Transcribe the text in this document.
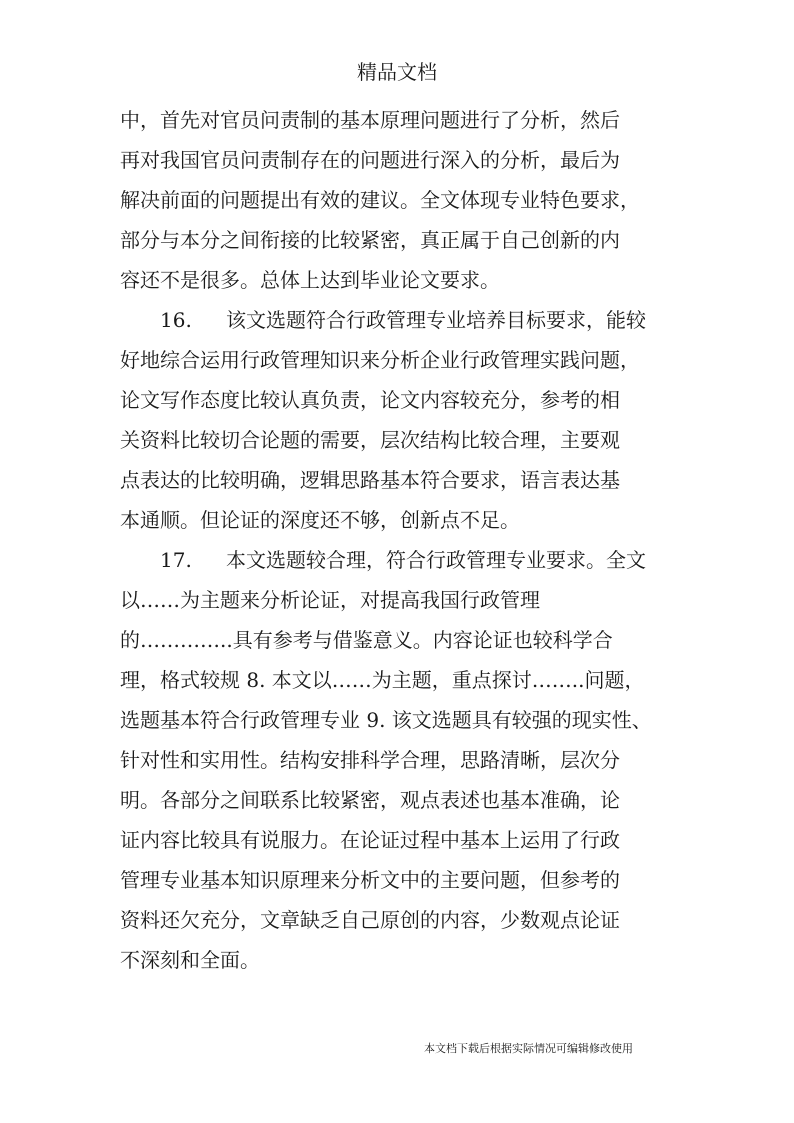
精品文档
中，首先对官员问责制的基本原理问题进行了分析，然后
再对我国官员问责制存在的问题进行深入的分析，最后为
解决前面的问题提出有效的建议。全文体现专业特色要求，
部分与本分之间衔接的比较紧密，真正属于自己创新的内
容还不是很多。总体上达到毕业论文要求。
16. 该文选题符合行政管理专业培养目标要求，能较
好地综合运用行政管理知识来分析企业行政管理实践问题，
论文写作态度比较认真负责，论文内容较充分，参考的相
关资料比较切合论题的需要，层次结构比较合理，主要观
点表达的比较明确，逻辑思路基本符合要求，语言表达基
本通顺。但论证的深度还不够，创新点不足。
17. 本文选题较合理，符合行政管理专业要求。全文
以……为主题来分析论证，对提高我国行政管理
的…………..具有参考与借鉴意义。内容论证也较科学合
理，格式较规 8. 本文以……为主题，重点探讨……..问题，
选题基本符合行政管理专业 9. 该文选题具有较强的现实性、
针对性和实用性。结构安排科学合理，思路清晰，层次分
明。各部分之间联系比较紧密，观点表述也基本准确，论
证内容比较具有说服力。在论证过程中基本上运用了行政
管理专业基本知识原理来分析文中的主要问题，但参考的
资料还欠充分，文章缺乏自己原创的内容，少数观点论证
不深刻和全面。
本文档下载后根据实际情况可编辑修改使用
